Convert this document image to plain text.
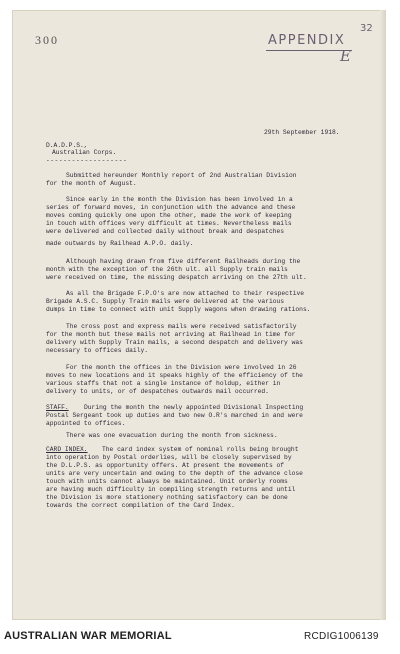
300
32
APPENDIX
E
29th September 1918.
D.A.D.P.S.,
Australian Corps.
-------------------
Submitted hereunder Monthly report of 2nd Australian Division
for the month of August.
Since early in the month the Division has been involved in a
series of forward moves, in conjunction with the advance and these
moves coming quickly one upon the other, made the work of keeping
in touch with offices very difficult at times. Nevertheless mails
were delivered and collected daily without break and despatches
made outwards by Railhead A.P.O. daily.
Although having drawn from five different Railheads during the
month with the exception of the 26th ult. all Supply train mails
were received on time, the missing despatch arriving on the 27th ult.
As all the Brigade F.P.O's are now attached to their respective
Brigade A.S.C. Supply Train mails were delivered at the various
dumps in time to connect with unit Supply wagons when drawing rations.
The cross post and express mails were received satisfactorily
for the month but these mails not arriving at Railhead in time for
delivery with Supply Train mails, a second despatch and delivery was
necessary to offices daily.
For the month the offices in the Division were involved in 26
moves to new locations and it speaks highly of the efficiency of the
various staffs that not a single instance of holdup, either in
delivery to units, or of despatches outwards mail occurred.
STAFF. During the month the newly appointed Divisional Inspecting
Postal Sergeant took up duties and two new O.R's marched in and were
appointed to offices.
There was one evacuation during the month from sickness.
CARD INDEX. The card index system of nominal rolls being brought
into operation by Postal orderlies, will be closely supervised by
the D.L.P.S. as opportunity offers. At present the movements of
units are very uncertain and owing to the depth of the advance close
touch with units cannot always be maintained. Unit orderly rooms
are having much difficulty in compiling strength returns and until
the Division is more stationery nothing satisfactory can be done
towards the correct compilation of the Card Index.
AUSTRALIAN WAR MEMORIAL	RCDIG1006139
